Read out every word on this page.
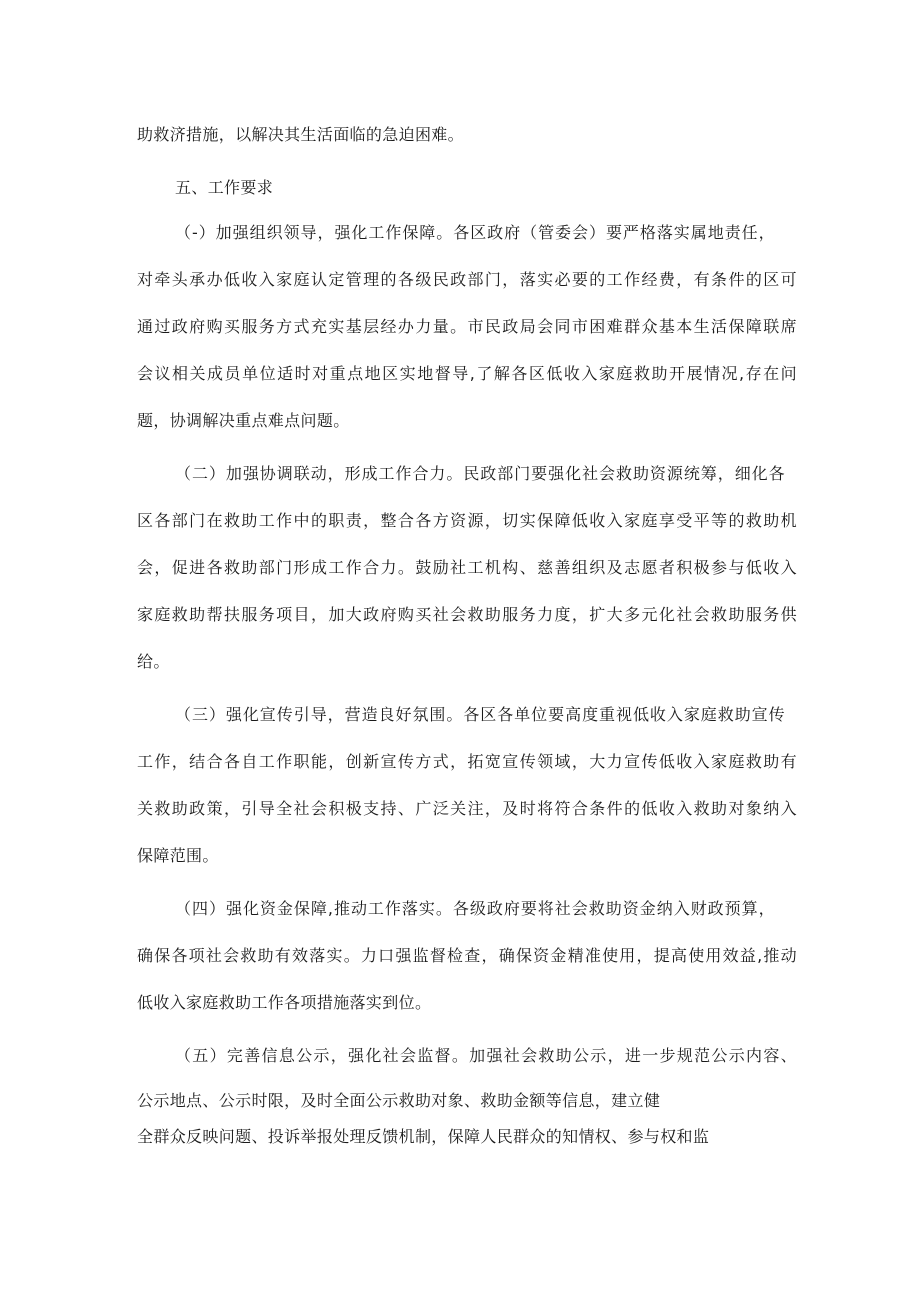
助救济措施，以解决其生活面临的急迫困难。
五、工作要求
（-）加强组织领导，强化工作保障。各区政府（管委会）要严格落实属地责任，
对牵头承办低收入家庭认定管理的各级民政部门，落实必要的工作经费，有条件的区可
通过政府购买服务方式充实基层经办力量。市民政局会同市困难群众基本生活保障联席
会议相关成员单位适时对重点地区实地督导,了解各区低收入家庭救助开展情况,存在问
题，协调解决重点难点问题。
（二）加强协调联动，形成工作合力。民政部门要强化社会救助资源统筹，细化各
区各部门在救助工作中的职责，整合各方资源，切实保障低收入家庭享受平等的救助机
会，促进各救助部门形成工作合力。鼓励社工机构、慈善组织及志愿者积极参与低收入
家庭救助帮扶服务项目，加大政府购买社会救助服务力度，扩大多元化社会救助服务供
给。
（三）强化宣传引导，营造良好氛围。各区各单位要高度重视低收入家庭救助宣传
工作，结合各自工作职能，创新宣传方式，拓宽宣传领域，大力宣传低收入家庭救助有
关救助政策，引导全社会积极支持、广泛关注，及时将符合条件的低收入救助对象纳入
保障范围。
（四）强化资金保障,推动工作落实。各级政府要将社会救助资金纳入财政预算，
确保各项社会救助有效落实。力口强监督检查，确保资金精准使用，提高使用效益,推动
低收入家庭救助工作各项措施落实到位。
（五）完善信息公示，强化社会监督。加强社会救助公示，进一步规范公示内容、
公示地点、公示时限，及时全面公示救助对象、救助金额等信息，建立健
全群众反映问题、投诉举报处理反馈机制，保障人民群众的知情权、参与权和监
